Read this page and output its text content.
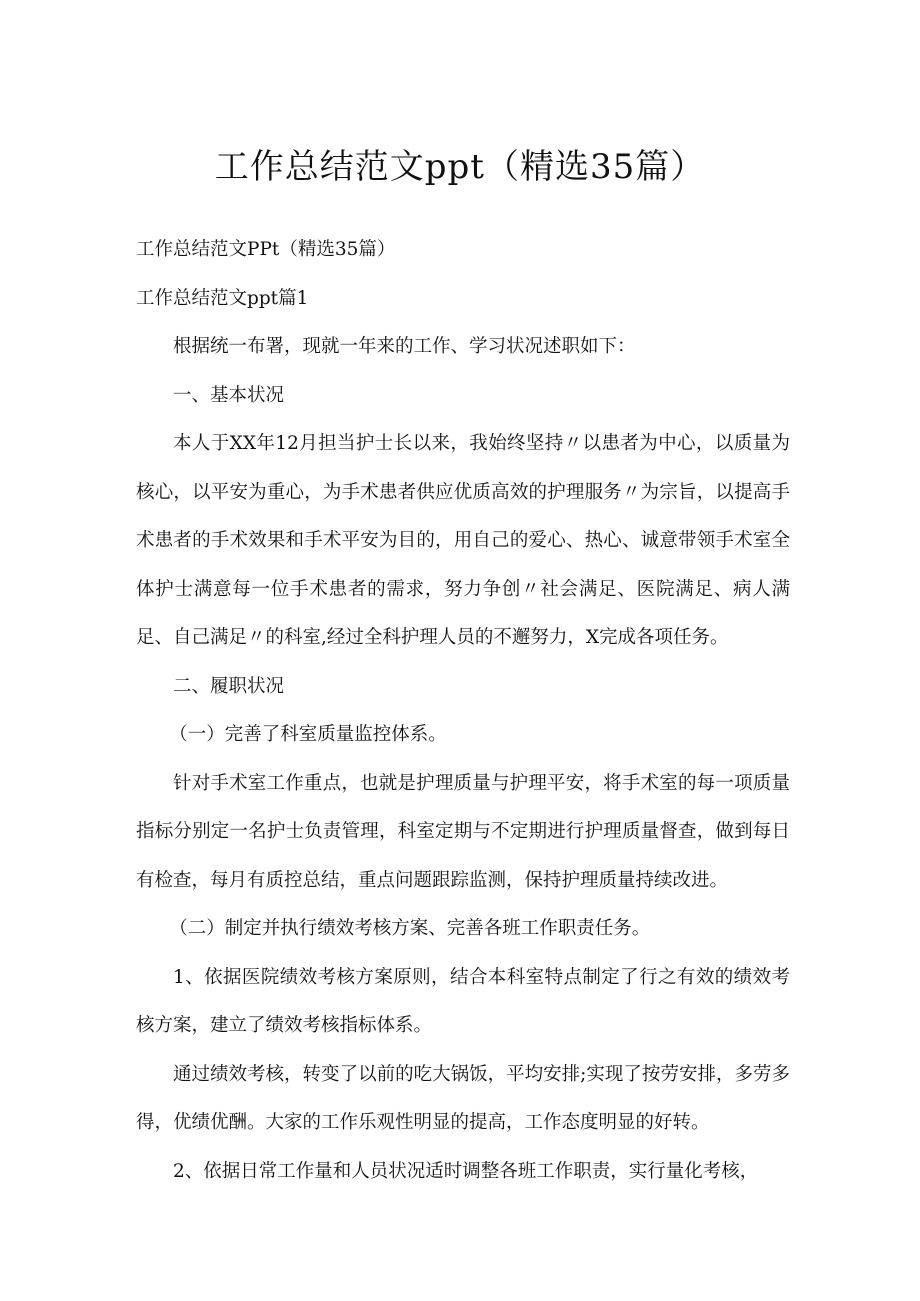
工作总结范文ppt（精选35篇）

工作总结范文PPt（精选35篇）

工作总结范文ppt篇1

根据统一布署，现就一年来的工作、学习状况述职如下：

一、基本状况

本人于XX年12月担当护士长以来，我始终坚持〃以患者为中心，以质量为核心，以平安为重心，为手术患者供应优质高效的护理服务〃为宗旨，以提高手术患者的手术效果和手术平安为目的，用自己的爱心、热心、诚意带领手术室全体护士满意每一位手术患者的需求，努力争创〃社会满足、医院满足、病人满足、自己满足〃的科室,经过全科护理人员的不邂努力，X完成各项任务。

二、履职状况

（一）完善了科室质量监控体系。

针对手术室工作重点，也就是护理质量与护理平安，将手术室的每一项质量指标分别定一名护士负责管理，科室定期与不定期进行护理质量督查，做到每日有检查，每月有质控总结，重点问题跟踪监测，保持护理质量持续改进。

（二）制定并执行绩效考核方案、完善各班工作职责任务。

1、依据医院绩效考核方案原则，结合本科室特点制定了行之有效的绩效考核方案，建立了绩效考核指标体系。

通过绩效考核，转变了以前的吃大锅饭，平均安排;实现了按劳安排，多劳多得，优绩优酬。大家的工作乐观性明显的提高，工作态度明显的好转。

2、依据日常工作量和人员状况适时调整各班工作职责，实行量化考核，
